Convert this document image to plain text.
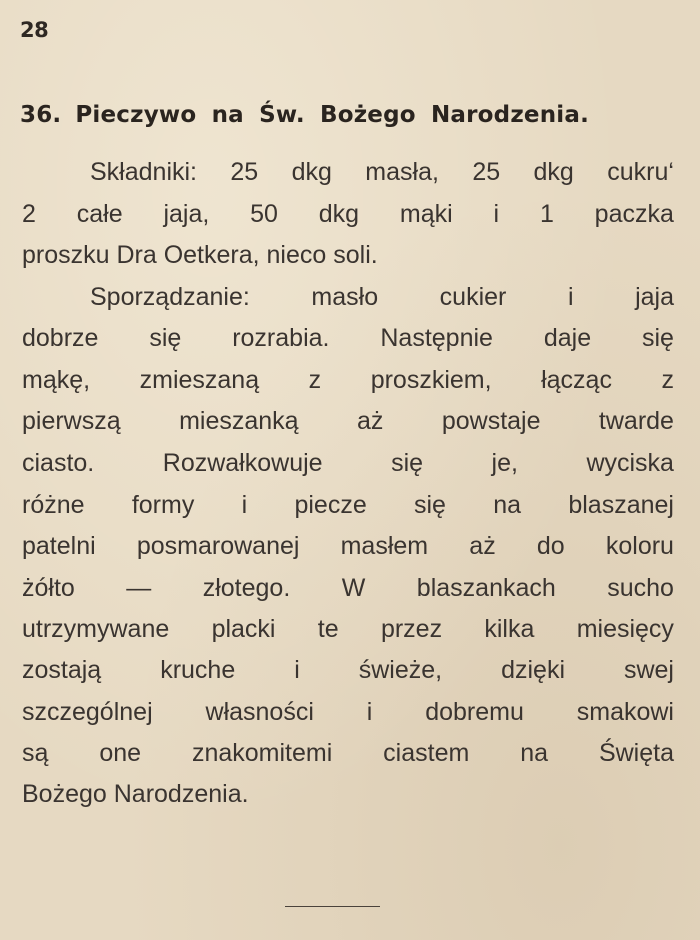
28
36. Pieczywo na Św. Bożego Narodzenia.
Składniki: 25 dkg masła, 25 dkg cukru‘
2 całe jaja, 50 dkg mąki i 1 paczka
proszku Dra Oetkera, nieco soli.
Sporządzanie: masło cukier i jaja
dobrze się rozrabia. Następnie daje się
mąkę, zmieszaną z proszkiem, łącząc z
pierwszą mieszanką aż powstaje twarde
ciasto.	Rozwałkowuje	się	je,	wyciska
różne formy i piecze się na blaszanej
patelni posmarowanej masłem aż do koloru
żółto — złotego. W blaszankach sucho
utrzymywane placki te przez kilka miesięcy
zostają kruche i świeże, dzięki swej
szczególnej własności i dobremu smakowi
są one znakomitemi ciastem na Święta
Bożego Narodzenia.
